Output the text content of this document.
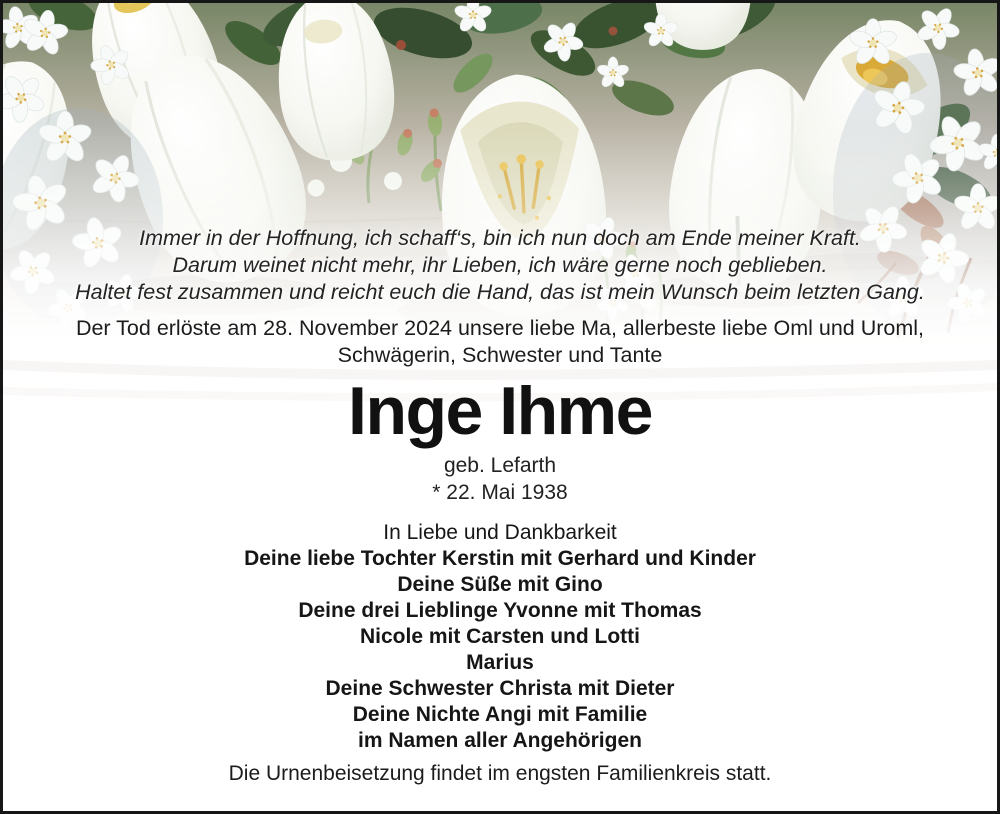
Immer in der Hoffnung, ich schaff‘s, bin ich nun doch am Ende meiner Kraft.

Darum weinet nicht mehr, ihr Lieben, ich wäre gerne noch geblieben.

Haltet fest zusammen und reicht euch die Hand, das ist mein Wunsch beim letzten Gang.

Der Tod erlöste am 28. November 2024 unsere liebe Ma, allerbeste liebe Oml und Uroml,

Schwägerin, Schwester und Tante

Inge Ihme

geb. Lefarth

* 22. Mai 1938

In Liebe und Dankbarkeit

Deine liebe Tochter Kerstin mit Gerhard und Kinder

Deine Süße mit Gino

Deine drei Lieblinge Yvonne mit Thomas

Nicole mit Carsten und Lotti

Marius

Deine Schwester Christa mit Dieter

Deine Nichte Angi mit Familie

im Namen aller Angehörigen

Die Urnenbeisetzung findet im engsten Familienkreis statt.
